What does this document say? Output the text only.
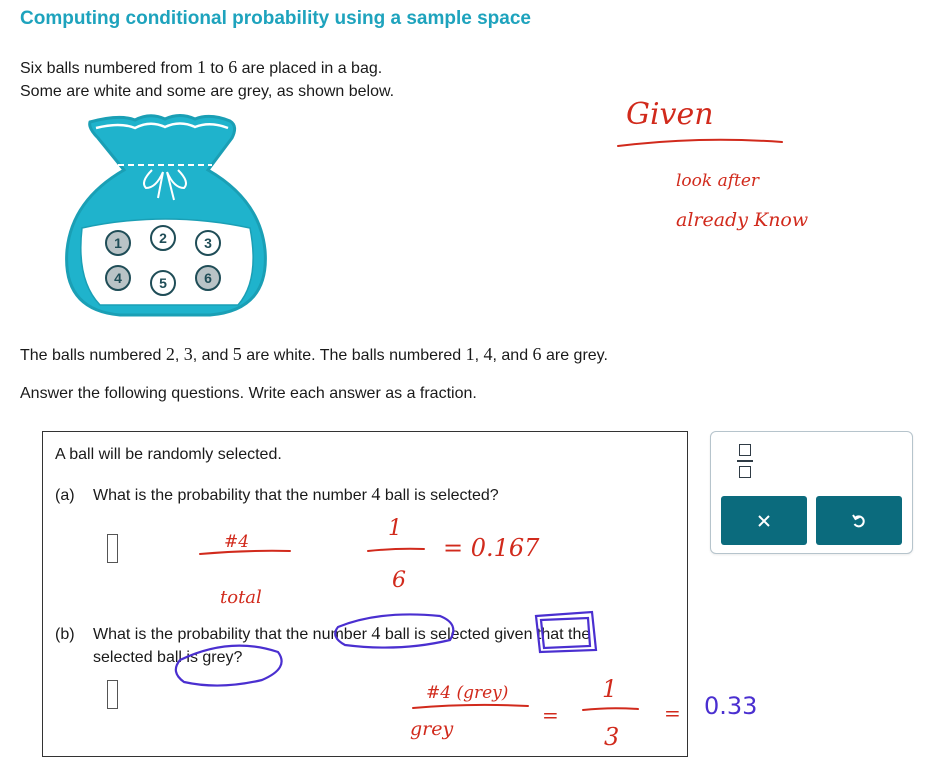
Computing conditional probability using a sample space
Six balls numbered from 1 to 6 are placed in a bag.
Some are white and some are grey, as shown below.
1	2	3
4	5	6
The balls numbered 2, 3, and 5 are white. The balls numbered 1, 4, and 6 are grey.
Answer the following questions. Write each answer as a fraction.
A ball will be randomly selected.
(a) What is the probability that the number 4 ball is selected?
(b) What is the probability that the number 4 ball is selected given that the
selected ball is grey?
Given
look after
already Know
#4
total
1
6
= 0.167
#4 (grey)
grey
=
1
3
= 0.33
